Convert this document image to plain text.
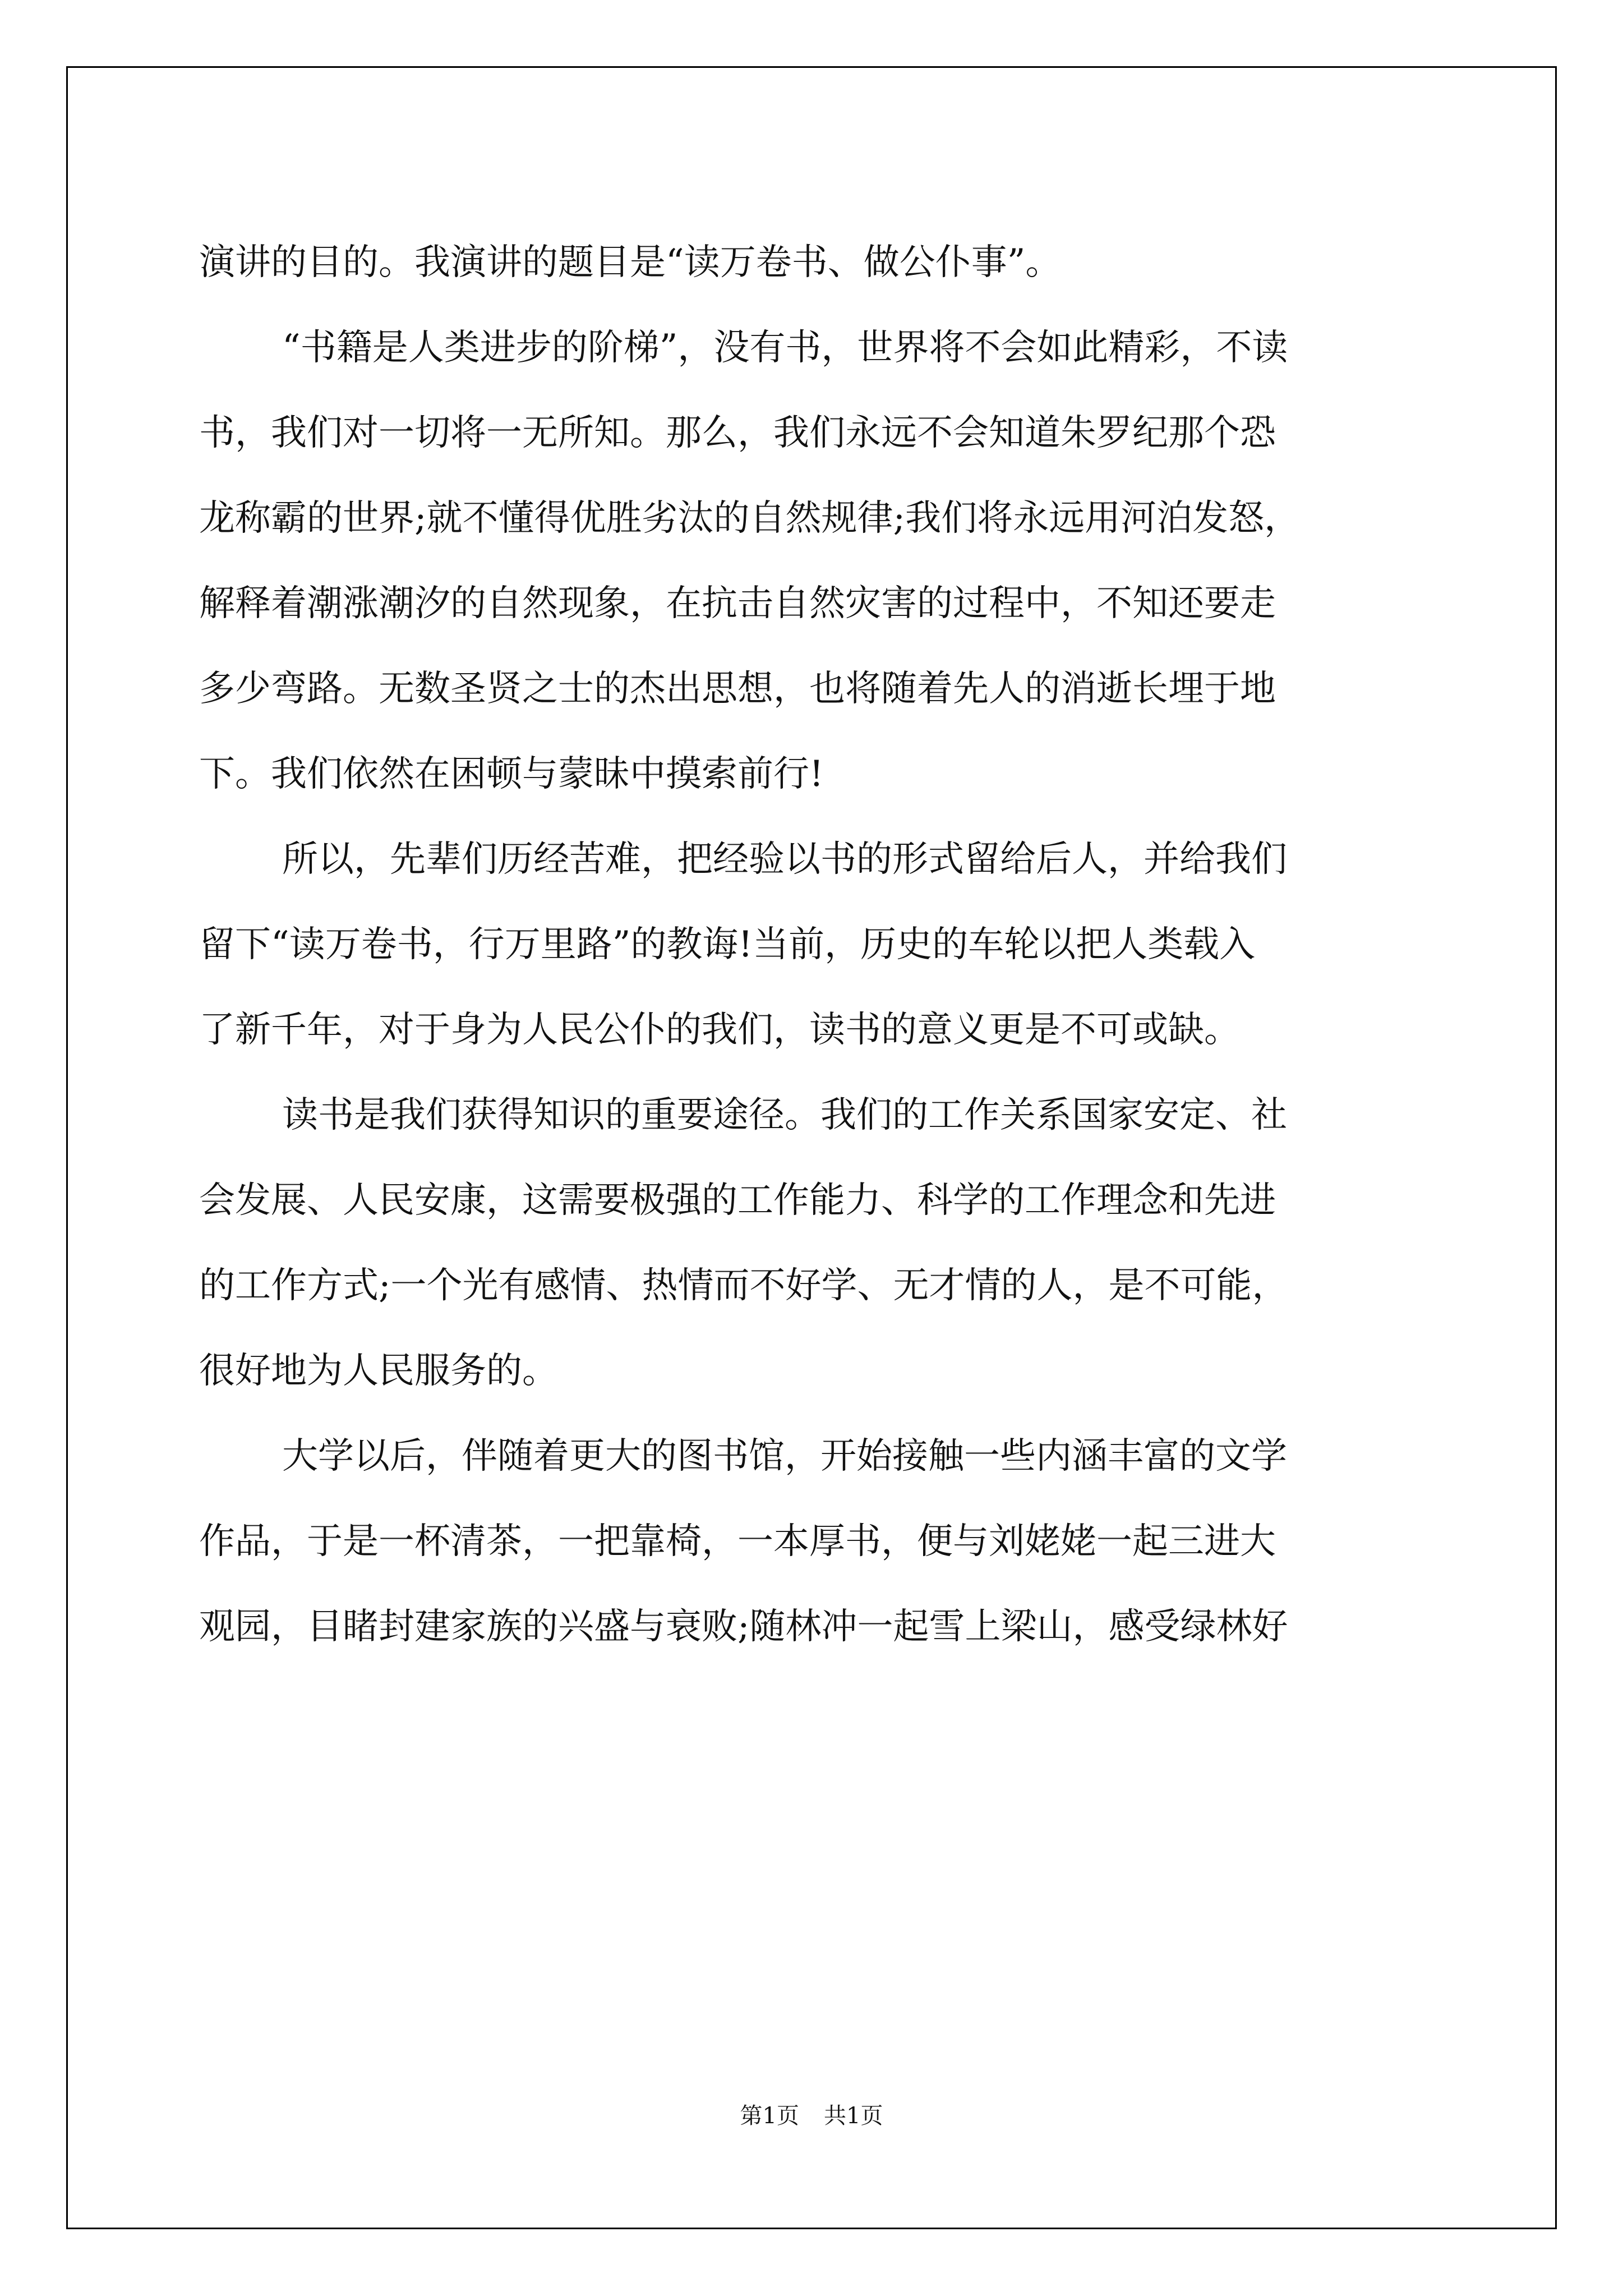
演讲的目的。我演讲的题目是“读万卷书、做公仆事”。
“书籍是人类进步的阶梯”，没有书，世界将不会如此精彩，不读
书，我们对一切将一无所知。那么，我们永远不会知道朱罗纪那个恐
龙称霸的世界;就不懂得优胜劣汰的自然规律;我们将永远用河泊发怒，
解释着潮涨潮汐的自然现象，在抗击自然灾害的过程中，不知还要走
多少弯路。无数圣贤之士的杰出思想，也将随着先人的消逝长埋于地
下。我们依然在困顿与蒙昧中摸索前行!
所以，先辈们历经苦难，把经验以书的形式留给后人，并给我们
留下“读万卷书，行万里路”的教诲!当前，历史的车轮以把人类载入
了新千年，对于身为人民公仆的我们，读书的意义更是不可或缺。
读书是我们获得知识的重要途径。我们的工作关系国家安定、社
会发展、人民安康，这需要极强的工作能力、科学的工作理念和先进
的工作方式;一个光有感情、热情而不好学、无才情的人，是不可能，
很好地为人民服务的。
大学以后，伴随着更大的图书馆，开始接触一些内涵丰富的文学
作品，于是一杯清茶，一把靠椅，一本厚书，便与刘姥姥一起三进大
观园，目睹封建家族的兴盛与衰败;随林冲一起雪上梁山，感受绿林好
第1页 共1页
